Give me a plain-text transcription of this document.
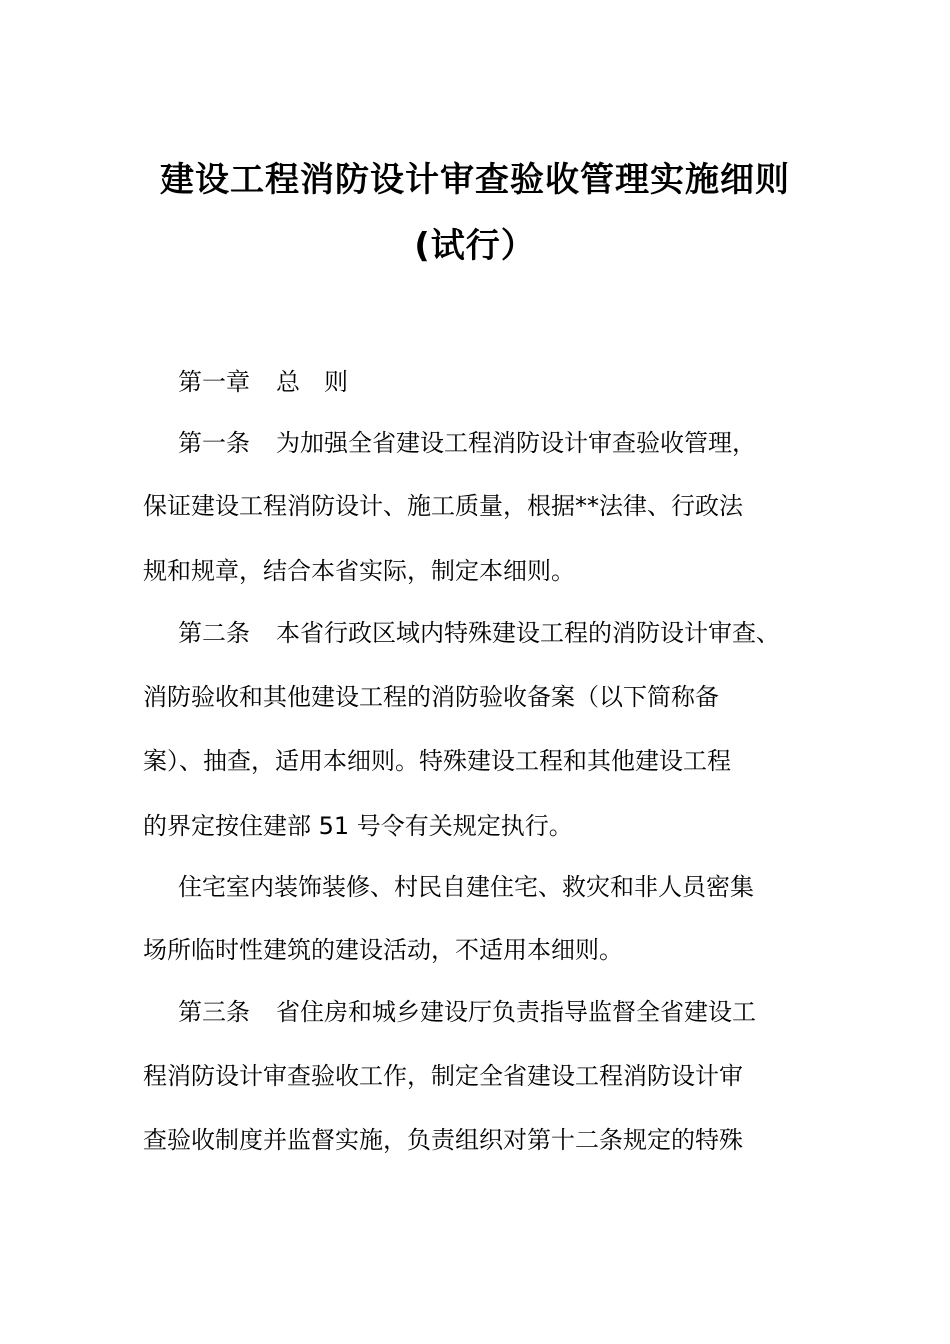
建设工程消防设计审查验收管理实施细则
(试行）
第一章 总　则
第一条 为加强全省建设工程消防设计审查验收管理，
保证建设工程消防设计、施工质量，根据**法律、行政法
规和规章，结合本省实际，制定本细则。
第二条 本省行政区域内特殊建设工程的消防设计审查、
消防验收和其他建设工程的消防验收备案（以下简称备
案）、抽查，适用本细则。特殊建设工程和其他建设工程
的界定按住建部 51 号令有关规定执行。
住宅室内装饰装修、村民自建住宅、救灾和非人员密集
场所临时性建筑的建设活动，不适用本细则。
第三条 省住房和城乡建设厅负责指导监督全省建设工
程消防设计审查验收工作，制定全省建设工程消防设计审
查验收制度并监督实施，负责组织对第十二条规定的特殊
